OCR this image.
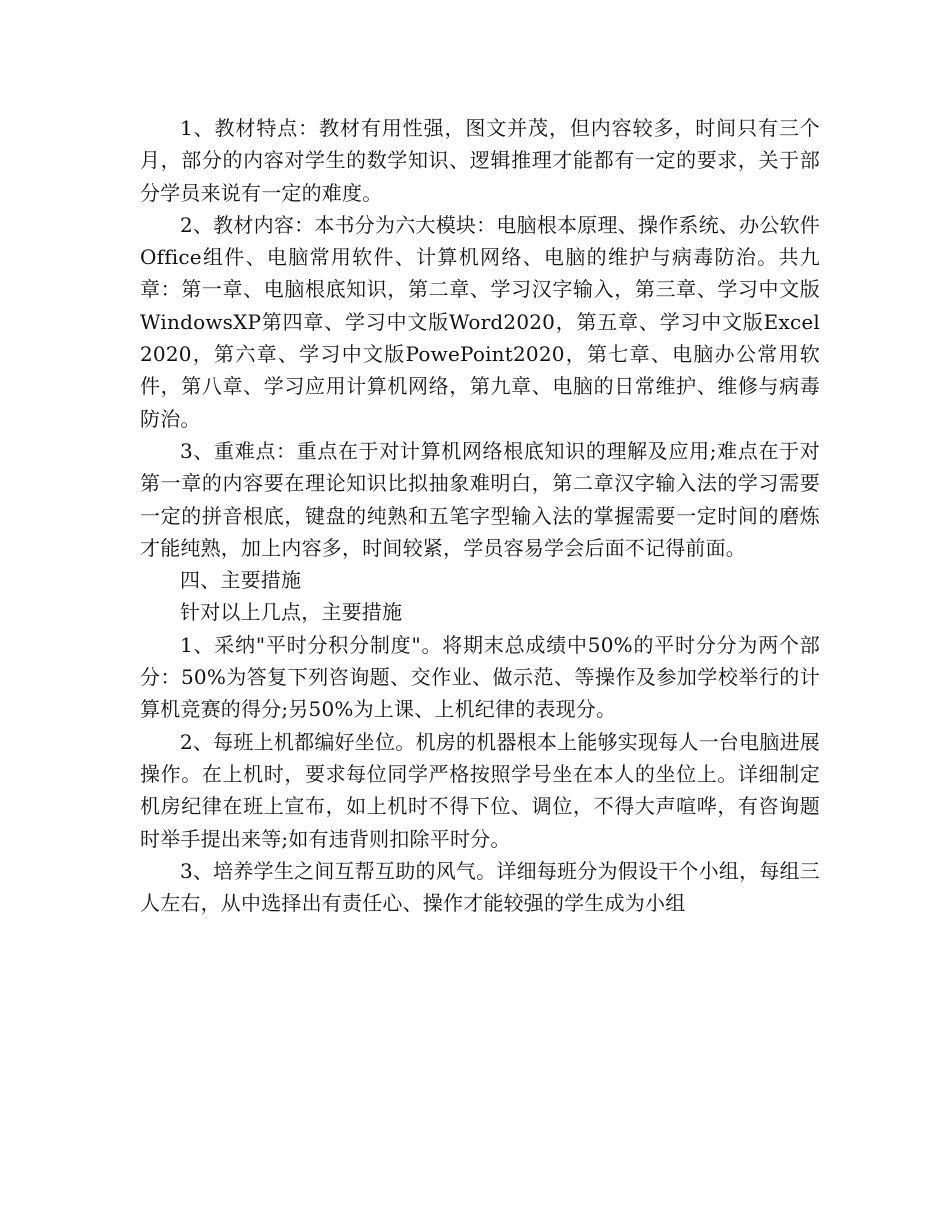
1、教材特点：教材有用性强，图文并茂，但内容较多，时间只有三个月，部分的内容对学生的数学知识、逻辑推理才能都有一定的要求，关于部分学员来说有一定的难度。

2、教材内容：本书分为六大模块：电脑根本原理、操作系统、办公软件Office组件、电脑常用软件、计算机网络、电脑的维护与病毒防治。共九章：第一章、电脑根底知识，第二章、学习汉字输入，第三章、学习中文版WindowsXP第四章、学习中文版Word2020，第五章、学习中文版Excel2020，第六章、学习中文版PowePoint2020，第七章、电脑办公常用软件，第八章、学习应用计算机网络，第九章、电脑的日常维护、维修与病毒防治。

3、重难点：重点在于对计算机网络根底知识的理解及应用;难点在于对第一章的内容要在理论知识比拟抽象难明白，第二章汉字输入法的学习需要一定的拼音根底，键盘的纯熟和五笔字型输入法的掌握需要一定时间的磨炼才能纯熟，加上内容多，时间较紧，学员容易学会后面不记得前面。

四、主要措施

针对以上几点，主要措施

1、采纳"平时分积分制度"。将期末总成绩中50%的平时分分为两个部分：50%为答复下列咨询题、交作业、做示范、等操作及参加学校举行的计算机竞赛的得分;另50%为上课、上机纪律的表现分。

2、每班上机都编好坐位。机房的机器根本上能够实现每人一台电脑进展操作。在上机时，要求每位同学严格按照学号坐在本人的坐位上。详细制定机房纪律在班上宣布，如上机时不得下位、调位，不得大声喧哗，有咨询题时举手提出来等;如有违背则扣除平时分。

3、培养学生之间互帮互助的风气。详细每班分为假设干个小组，每组三人左右，从中选择出有责任心、操作才能较强的学生成为小组
